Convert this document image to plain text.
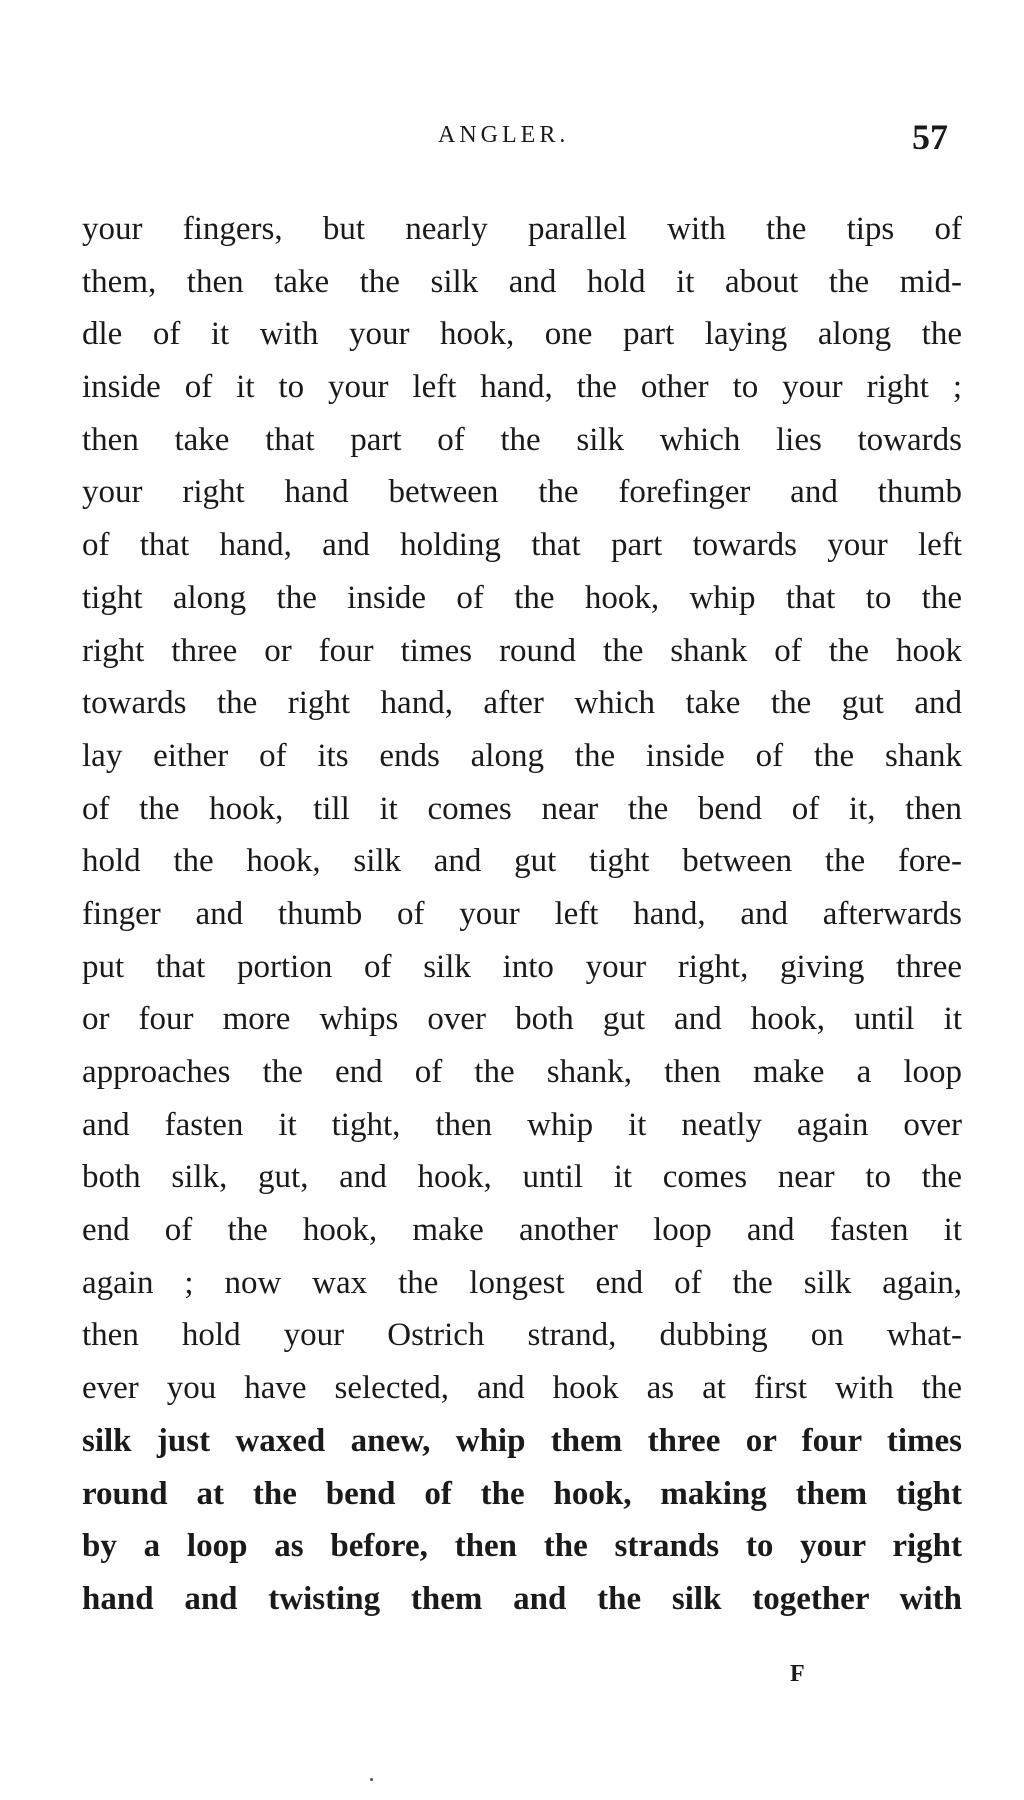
ANGLER.	57
your fingers, but nearly parallel with the tips of
them, then take the silk and hold it about the mid-
dle of it with your hook, one part laying along the
inside of it to your left hand, the other to your right ;
then take that part of the silk which lies towards
your right hand between the forefinger and thumb
of that hand, and holding that part towards your left
tight along the inside of the hook, whip that to the
right three or four times round the shank of the hook
towards the right hand, after which take the gut and
lay either of its ends along the inside of the shank
of the hook, till it comes near the bend of it, then
hold the hook, silk and gut tight between the fore-
finger and thumb of your left hand, and afterwards
put that portion of silk into your right, giving three
or four more whips over both gut and hook, until it
approaches the end of the shank, then make a loop
and fasten it tight, then whip it neatly again over
both silk, gut, and hook, until it comes near to the
end of the hook, make another loop and fasten it
again ; now wax the longest end of the silk again,
then hold your Ostrich strand, dubbing on what-
ever you have selected, and hook as at first with the
silk just waxed anew, whip them three or four times
round at the bend of the hook, making them tight
by a loop as before, then the strands to your right
hand and twisting them and the silk together with
F
